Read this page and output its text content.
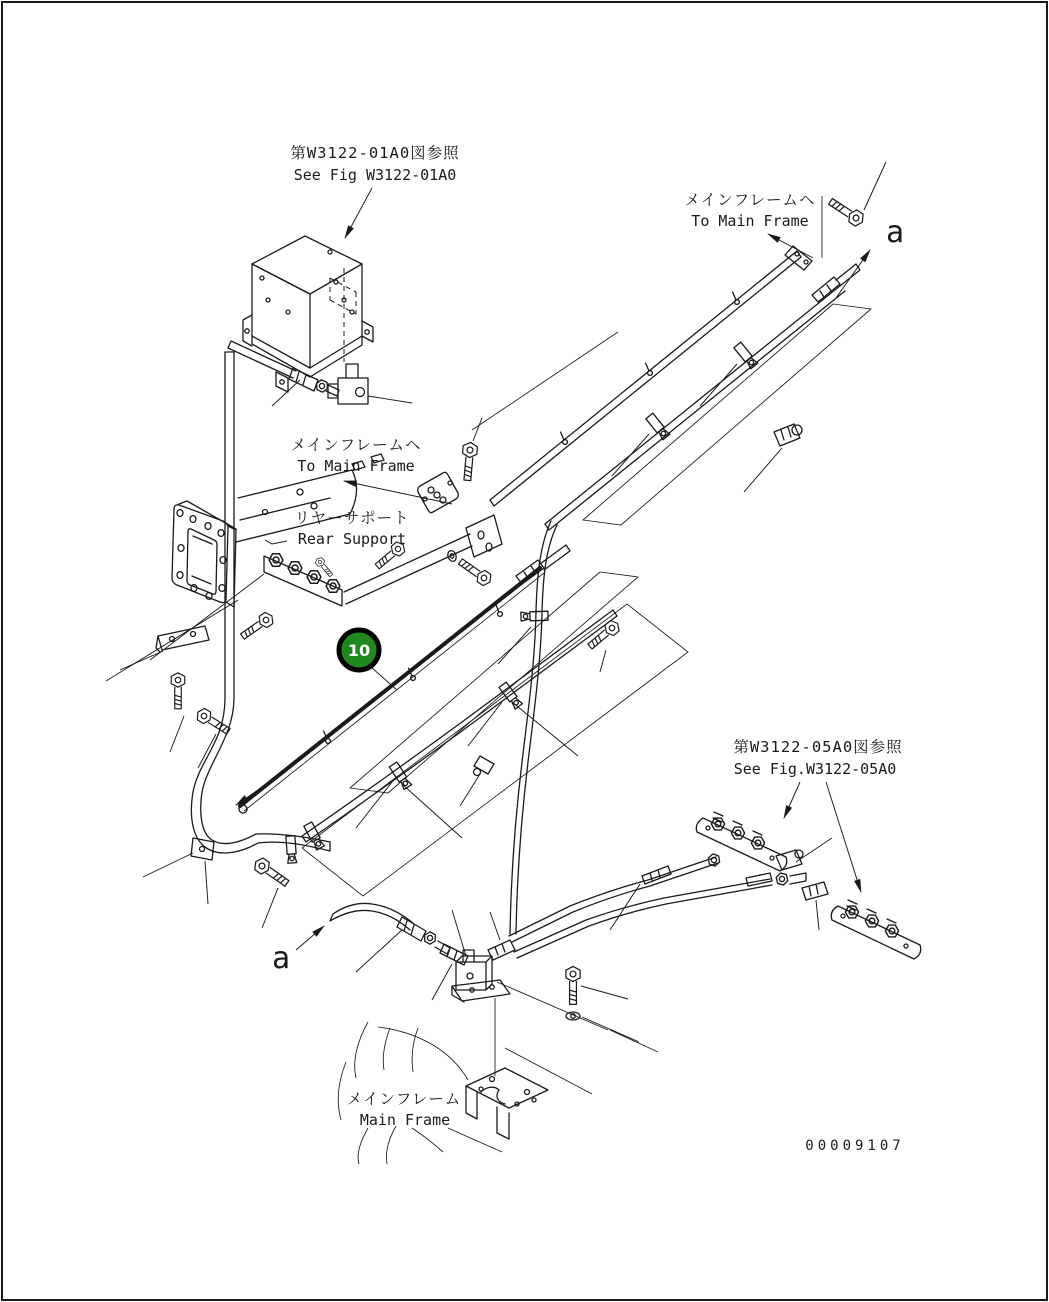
第W3122-01A0図参照
See Fig W3122-01A0
メインフレームヘ
To Main Frame
リヤーサポート
Rear Support
メインフレームヘ
To Main Frame	a
10
a
第W3122-05A0図参照
See Fig.W3122-05A0
メインフレーム
Main Frame
00009107
